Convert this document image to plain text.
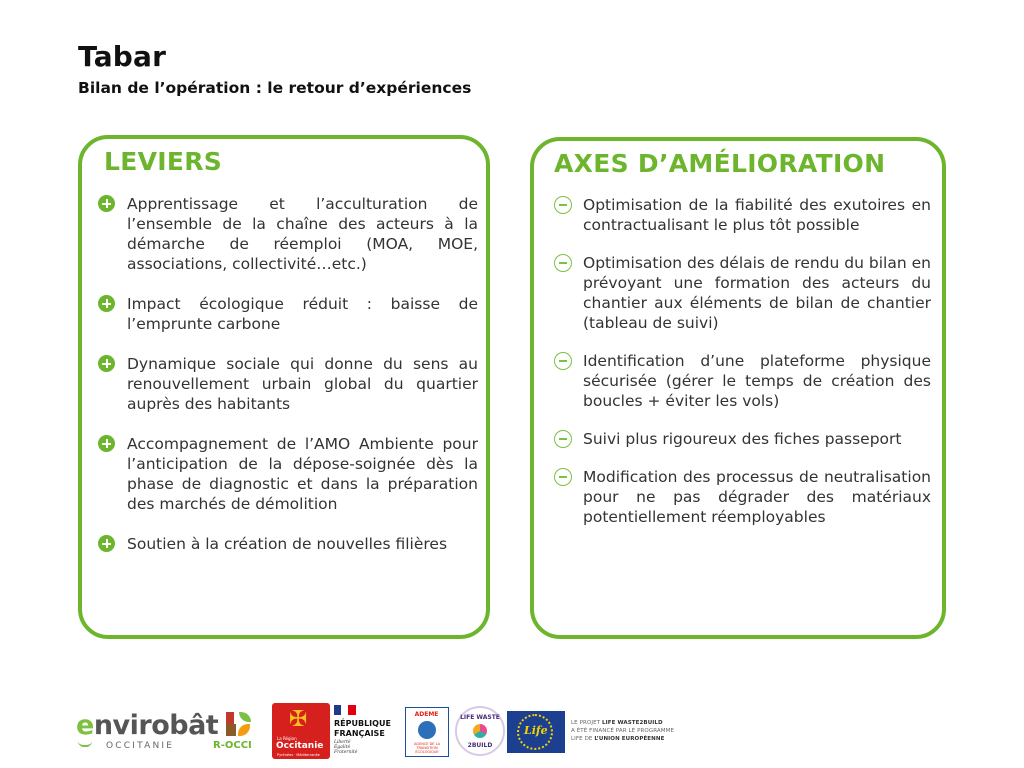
Tabar
Bilan de l’opération : le retour d’expériences
LEVIERS
Apprentissage et l’acculturation de l’ensemble de la chaîne des acteurs à la démarche de réemploi (MOA, MOE, associations, collectivité…etc.)
Impact écologique réduit : baisse de l’emprunte carbone
Dynamique sociale qui donne du sens au renouvellement urbain global du quartier auprès des habitants
Accompagnement de l’AMO Ambiente pour l’anticipation de la dépose-soignée dès la phase de diagnostic et dans la préparation des marchés de démolition
Soutien à la création de nouvelles filières
AXES D’AMÉLIORATION
Optimisation de la fiabilité des exutoires en contractualisant le plus tôt possible
Optimisation des délais de rendu du bilan en prévoyant une formation des acteurs du chantier aux éléments de bilan de chantier (tableau de suivi)
Identification d’une plateforme physique sécurisée (gérer le temps de création des boucles + éviter les vols)
Suivi plus rigoureux des fiches passeport
Modification des processus de neutralisation pour ne pas dégrader des matériaux potentiellement réemployables
envirobât
OCCITANIE	R-OCCI
✠
La Région
Occitanie
Pyrénées · Méditerranée
RÉPUBLIQUE
FRANÇAISE
Liberté
Égalité
Fraternité
ADEME
AGENCE DE LA TRANSITION ÉCOLOGIQUE
LIFE WASTE
2BUILD
Life
LE PROJET LIFE WASTE2BUILD
A ÉTÉ FINANCÉ PAR LE PROGRAMME
LIFE DE L’UNION EUROPÉENNE
